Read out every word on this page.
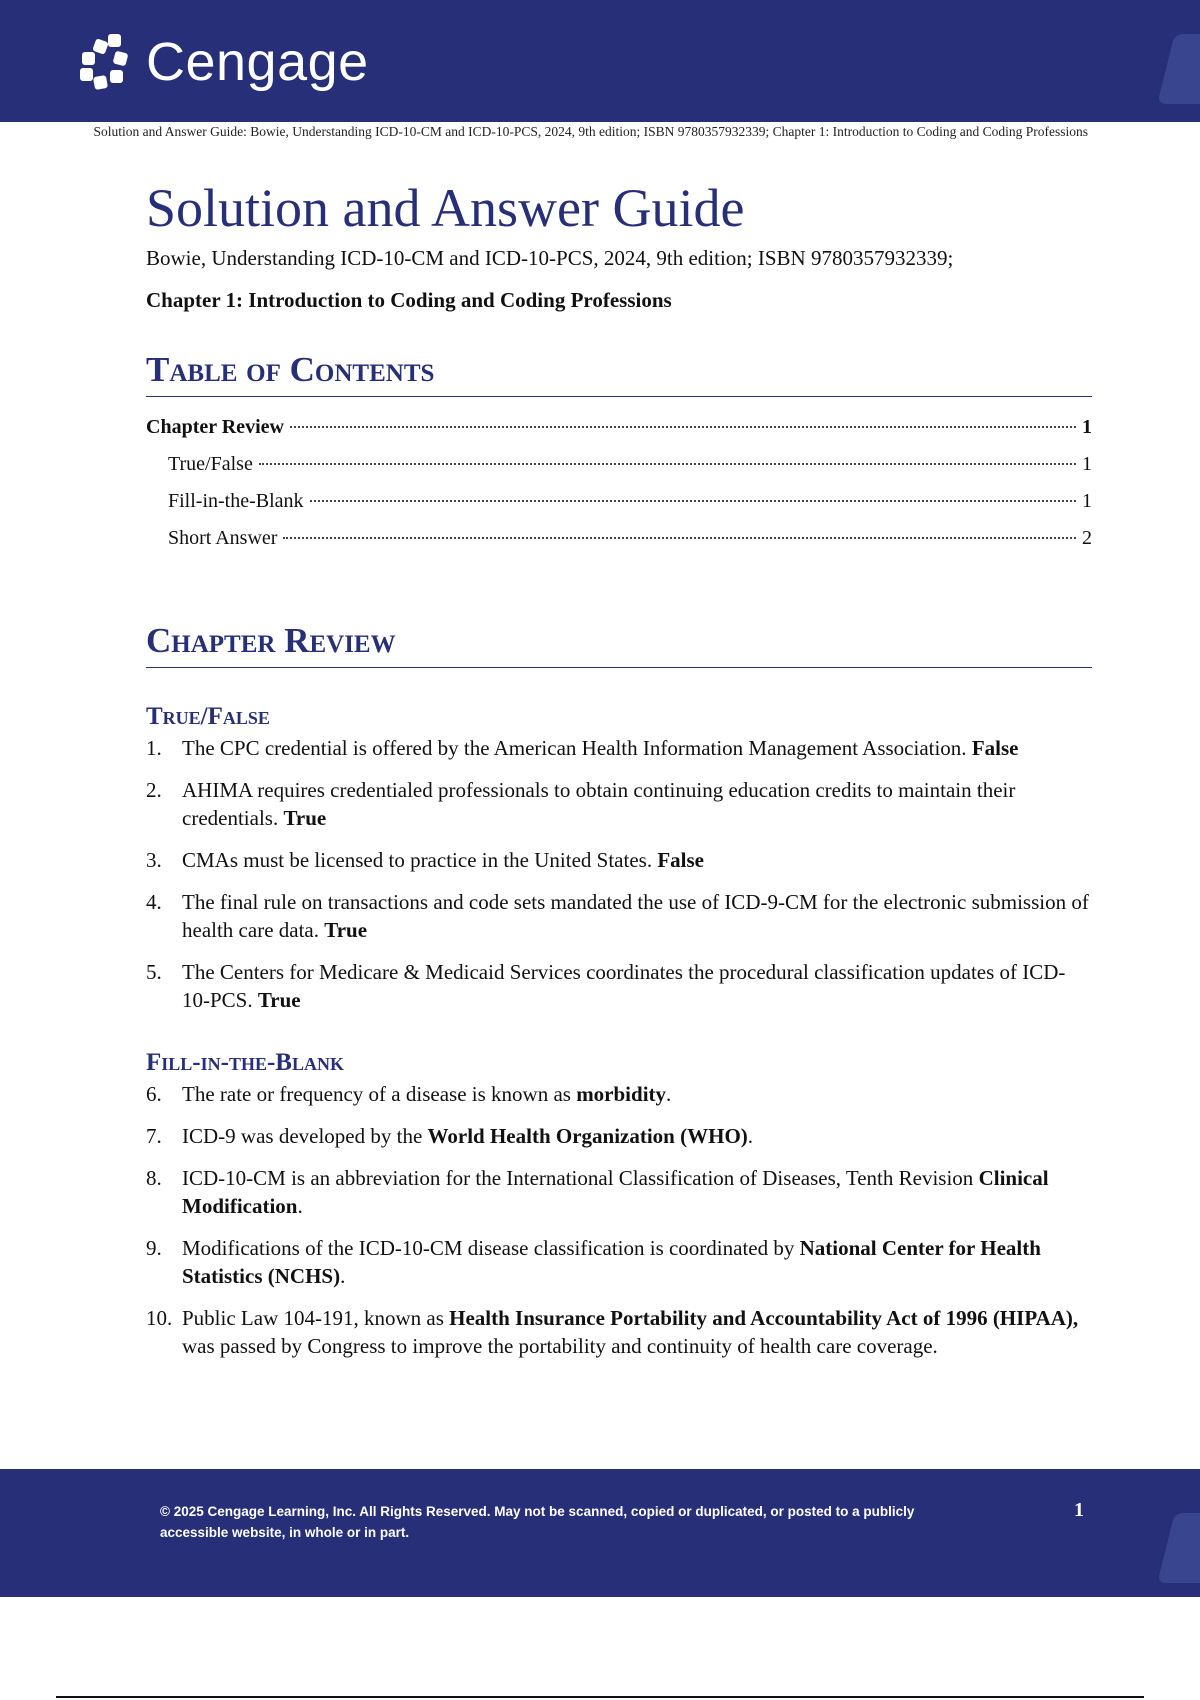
Cengage
Solution and Answer Guide: Bowie, Understanding ICD-10-CM and ICD-10-PCS, 2024, 9th edition; ISBN 9780357932339; Chapter 1: Introduction to Coding and Coding Professions
Solution and Answer Guide
Bowie, Understanding ICD-10-CM and ICD-10-PCS, 2024, 9th edition; ISBN 9780357932339;
Chapter 1: Introduction to Coding and Coding Professions
Table of Contents
Chapter Review	1
True/False	1
Fill-in-the-Blank	1
Short Answer	2
Chapter Review
True/False
1. The CPC credential is offered by the American Health Information Management Association. False
2. AHIMA requires credentialed professionals to obtain continuing education credits to maintain their credentials. True
3. CMAs must be licensed to practice in the United States. False
4. The final rule on transactions and code sets mandated the use of ICD-9-CM for the electronic submission of health care data. True
5. The Centers for Medicare & Medicaid Services coordinates the procedural classification updates of ICD-10-PCS. True
Fill-in-the-Blank
6. The rate or frequency of a disease is known as morbidity.
7. ICD-9 was developed by the World Health Organization (WHO).
8. ICD-10-CM is an abbreviation for the International Classification of Diseases, Tenth Revision Clinical Modification.
9. Modifications of the ICD-10-CM disease classification is coordinated by National Center for Health Statistics (NCHS).
10. Public Law 104-191, known as Health Insurance Portability and Accountability Act of 1996 (HIPAA), was passed by Congress to improve the portability and continuity of health care coverage.
© 2025 Cengage Learning, Inc. All Rights Reserved. May not be scanned, copied or duplicated, or posted to a publicly accessible website, in whole or in part.
1
